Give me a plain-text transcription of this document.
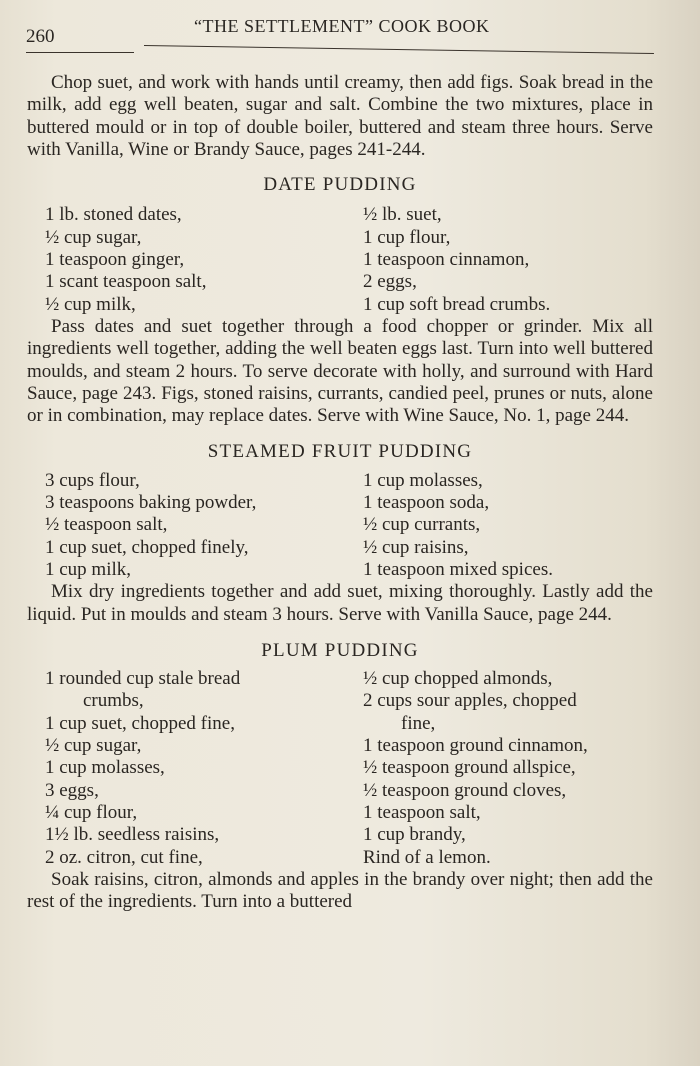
260	“THE SETTLEMENT” COOK BOOK

Chop suet, and work with hands until creamy, then add figs. Soak bread in the milk, add egg well beaten, sugar and salt. Combine the two mixtures, place in buttered mould or in top of double boiler, buttered and steam three hours. Serve with Vanilla, Wine or Brandy Sauce, pages 241-244.

DATE PUDDING
1 lb. stoned dates,	½ lb. suet,
½ cup sugar,	1 cup flour,
1 teaspoon ginger,	1 teaspoon cinnamon,
1 scant teaspoon salt,	2 eggs,
½ cup milk,	1 cup soft bread crumbs.

Pass dates and suet together through a food chopper or grinder. Mix all ingredients well together, adding the well beaten eggs last. Turn into well buttered moulds, and steam 2 hours. To serve decorate with holly, and surround with Hard Sauce, page 243. Figs, stoned raisins, currants, candied peel, prunes or nuts, alone or in combination, may replace dates. Serve with Wine Sauce, No. 1, page 244.

STEAMED FRUIT PUDDING
3 cups flour,	1 cup molasses,
3 teaspoons baking powder,	1 teaspoon soda,
½ teaspoon salt,	½ cup currants,
1 cup suet, chopped finely,	½ cup raisins,
1 cup milk,	1 teaspoon mixed spices.

Mix dry ingredients together and add suet, mixing thoroughly. Lastly add the liquid. Put in moulds and steam 3 hours. Serve with Vanilla Sauce, page 244.

PLUM PUDDING
1 rounded cup stale bread	½ cup chopped almonds,
crumbs,	2 cups sour apples, chopped
1 cup suet, chopped fine,	fine,
½ cup sugar,	1 teaspoon ground cinnamon,
1 cup molasses,	½ teaspoon ground allspice,
3 eggs,	½ teaspoon ground cloves,
¼ cup flour,	1 teaspoon salt,
1½ lb. seedless raisins,	1 cup brandy,
2 oz. citron, cut fine,	Rind of a lemon.

Soak raisins, citron, almonds and apples in the brandy over night; then add the rest of the ingredients. Turn into a buttered
